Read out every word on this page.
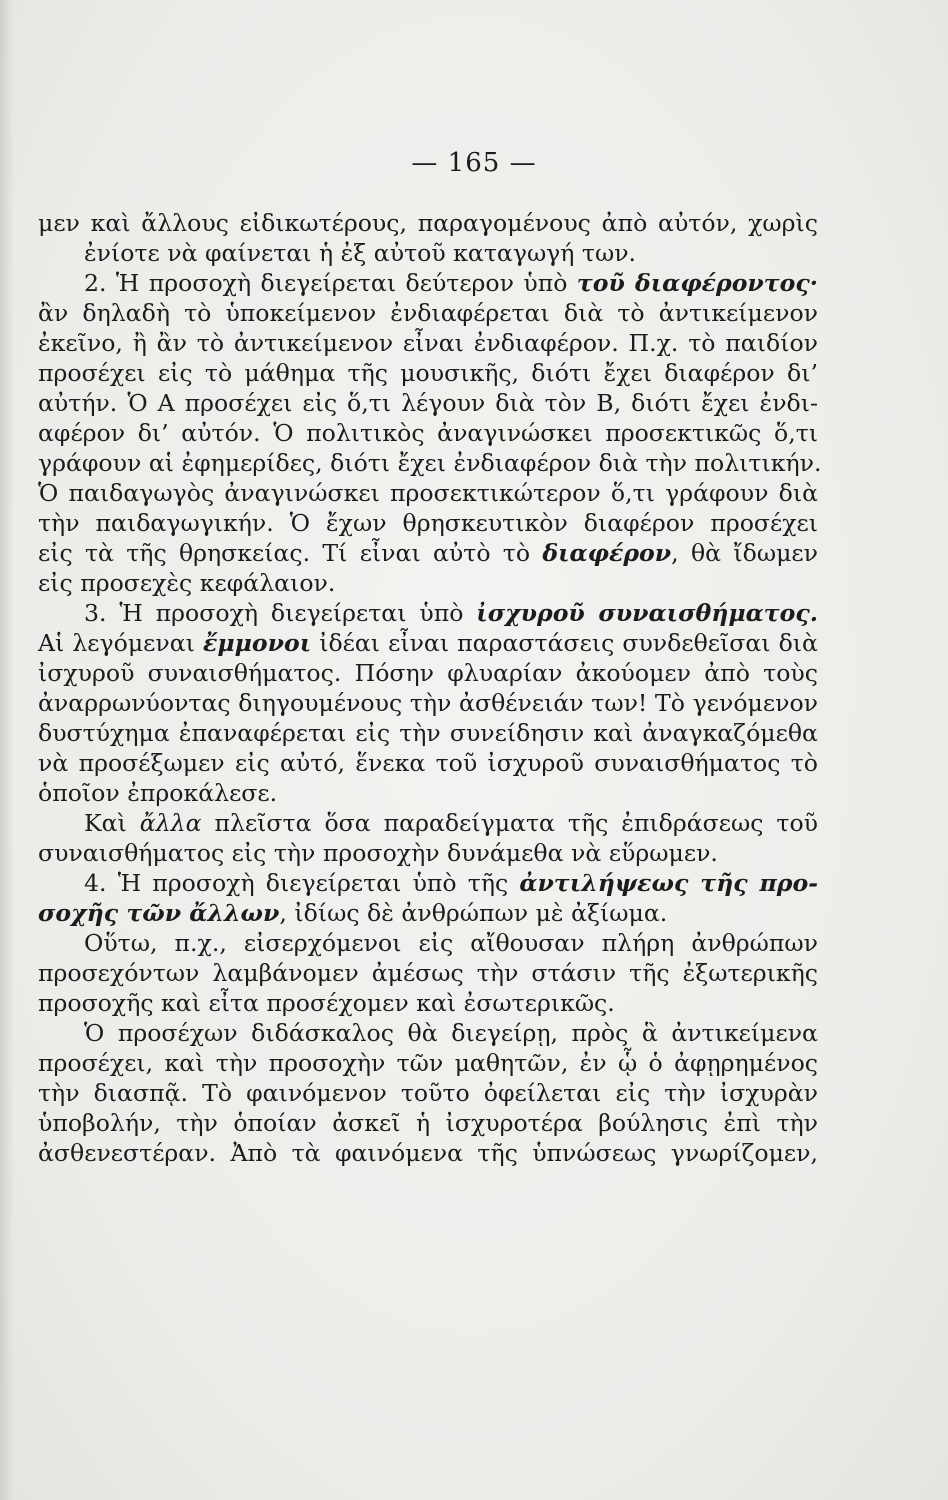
— 165 —
μεν καὶ ἄλλους εἰδικωτέρους, παραγομένους ἀπὸ αὐτόν, χωρὶς
ἐνίοτε νὰ φαίνεται ἡ ἐξ αὐτοῦ καταγωγή των.
2. Ἡ προσοχὴ διεγείρεται δεύτερον ὑπὸ τοῦ διαφέροντος·
ἂν δηλαδὴ τὸ ὑποκείμενον ἐνδιαφέρεται διὰ τὸ ἀντικείμενον
ἐκεῖνο, ἢ ἂν τὸ ἀντικείμενον εἶναι ἐνδιαφέρον. Π.χ. τὸ παιδίον
προσέχει εἰς τὸ μάθημα τῆς μουσικῆς, διότι ἔχει διαφέρον δι’
αὐτήν. Ὁ Α προσέχει εἰς ὅ,τι λέγουν διὰ τὸν Β, διότι ἔχει ἐνδι-
αφέρον δι’ αὐτόν. Ὁ πολιτικὸς ἀναγινώσκει προσεκτικῶς ὅ,τι
γράφουν αἱ ἐφημερίδες, διότι ἔχει ἐνδιαφέρον διὰ τὴν πολιτικήν.
Ὁ παιδαγωγὸς ἀναγινώσκει προσεκτικώτερον ὅ,τι γράφουν διὰ
τὴν παιδαγωγικήν. Ὁ ἔχων θρησκευτικὸν διαφέρον προσέχει
εἰς τὰ τῆς θρησκείας. Τί εἶναι αὐτὸ τὸ διαφέρον, θὰ ἴδωμεν
εἰς προσεχὲς κεφάλαιον.
3. Ἡ προσοχὴ διεγείρεται ὑπὸ ἰσχυροῦ συναισθήματος.
Αἱ λεγόμεναι ἔμμονοι ἰδέαι εἶναι παραστάσεις συνδεθεῖσαι διὰ
ἰσχυροῦ συναισθήματος. Πόσην φλυαρίαν ἀκούομεν ἀπὸ τοὺς
ἀναρρωνύοντας διηγουμένους τὴν ἀσθένειάν των! Τὸ γενόμενον
δυστύχημα ἐπαναφέρεται εἰς τὴν συνείδησιν καὶ ἀναγκαζόμεθα
νὰ προσέξωμεν εἰς αὐτό, ἕνεκα τοῦ ἰσχυροῦ συναισθήματος τὸ
ὁποῖον ἐπροκάλεσε.
Καὶ ἄλλα πλεῖστα ὅσα παραδείγματα τῆς ἐπιδράσεως τοῦ
συναισθήματος εἰς τὴν προσοχὴν δυνάμεθα νὰ εὕρωμεν.
4. Ἡ προσοχὴ διεγείρεται ὑπὸ τῆς ἀντιλήψεως τῆς προ-
σοχῆς τῶν ἄλλων, ἰδίως δὲ ἀνθρώπων μὲ ἀξίωμα.
Οὕτω, π.χ., εἰσερχόμενοι εἰς αἴθουσαν πλήρη ἀνθρώπων
προσεχόντων λαμβάνομεν ἀμέσως τὴν στάσιν τῆς ἐξωτερικῆς
προσοχῆς καὶ εἶτα προσέχομεν καὶ ἐσωτερικῶς.
Ὁ προσέχων διδάσκαλος θὰ διεγείρῃ, πρὸς ἃ ἀντικείμενα
προσέχει, καὶ τὴν προσοχὴν τῶν μαθητῶν, ἐν ᾧ ὁ ἀφῃρημένος
τὴν διασπᾷ. Τὸ φαινόμενον τοῦτο ὀφείλεται εἰς τὴν ἰσχυρὰν
ὑποβολήν, τὴν ὁποίαν ἀσκεῖ ἡ ἰσχυροτέρα βούλησις ἐπὶ τὴν
ἀσθενεστέραν. Ἀπὸ τὰ φαινόμενα τῆς ὑπνώσεως γνωρίζομεν,
